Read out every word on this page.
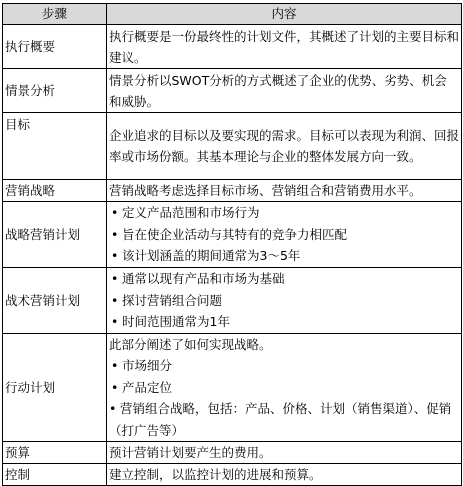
步骤	内容
执行概要	执行概要是一份最终性的计划文件，其概述了计划的主要目标和建议。
情景分析	情景分析以SWOT分析的方式概述了企业的优势、劣势、机会和威胁。
目标	企业追求的目标以及要实现的需求。目标可以表现为利润、回报率或市场份额。其基本理论与企业的整体发展方向一致。
营销战略	营销战略考虑选择目标市场、营销组合和营销费用水平。
战略营销计划	• 定义产品范围和市场行为
• 旨在使企业活动与其特有的竞争力相匹配
• 该计划涵盖的期间通常为3～5年

战术营销计划	• 通常以现有产品和市场为基础
• 探讨营销组合问题
• 时间范围通常为1年

行动计划	此部分阐述了如何实现战略。
• 市场细分
• 产品定位
• 营销组合战略，包括：产品、价格、计划（销售渠道）、促销（打广告等）

预算	预计营销计划要产生的费用。
控制	建立控制，以监控计划的进展和预算。
